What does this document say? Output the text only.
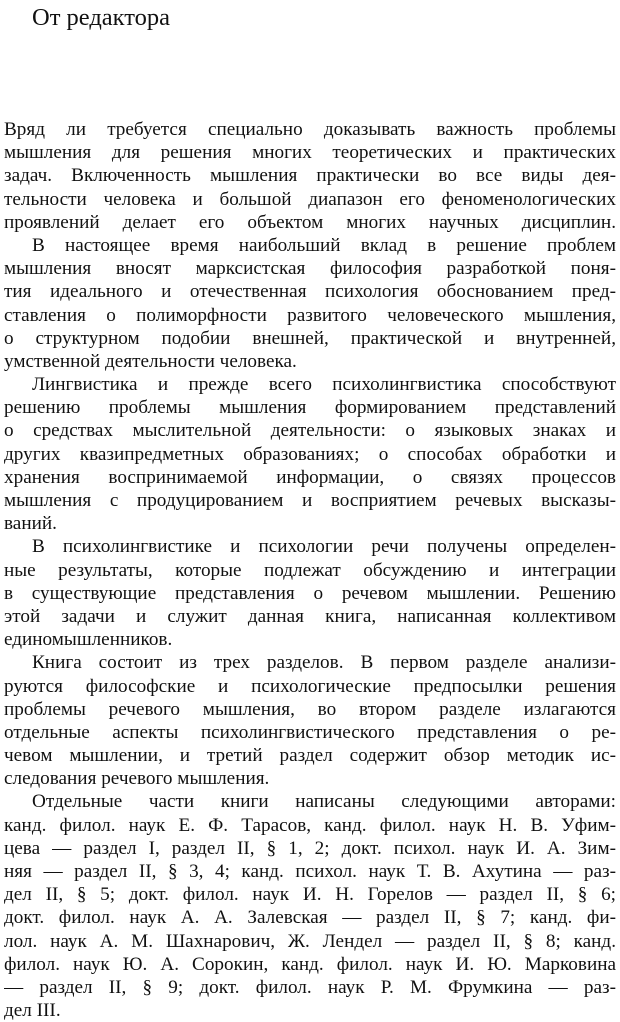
От редактора

Вряд ли требуется специально доказывать важность проблемы
мышления для решения многих теоретических и практических
задач. Включенность мышления практически во все виды дея-
тельности человека и большой диапазон его феноменологических
проявлений делает его объектом многих научных дисциплин.

В настоящее время наибольший вклад в решение проблем
мышления вносят марксистская философия разработкой поня-
тия идеального и отечественная психология обоснованием пред-
ставления о полиморфности развитого человеческого мышления,
о структурном подобии внешней, практической и внутренней,
умственной деятельности человека.

Лингвистика и прежде всего психолингвистика способствуют
решению проблемы мышления формированием представлений
о средствах мыслительной деятельности: о языковых знаках и
других квазипредметных образованиях; о способах обработки и
хранения воспринимаемой информации, о связях процессов
мышления с продуцированием и восприятием речевых высказы-
ваний.

В психолингвистике и психологии речи получены определен-
ные результаты, которые подлежат обсуждению и интеграции
в существующие представления о речевом мышлении. Решению
этой задачи и служит данная книга, написанная коллективом
единомышленников.

Книга состоит из трех разделов. В первом разделе анализи-
руются философские и психологические предпосылки решения
проблемы речевого мышления, во втором разделе излагаются
отдельные аспекты психолингвистического представления о ре-
чевом мышлении, и третий раздел содержит обзор методик ис-
следования речевого мышления.

Отдельные части книги написаны следующими авторами:
канд. филол. наук Е. Ф. Тарасов, канд. филол. наук Н. В. Уфим-
цева — раздел I, раздел II, § 1, 2; докт. психол. наук И. А. Зим-
няя — раздел II, § 3, 4; канд. психол. наук Т. В. Ахутина — раз-
дел II, § 5; докт. филол. наук И. Н. Горелов — раздел II, § 6;
докт. филол. наук А. А. Залевская — раздел II, § 7; канд. фи-
лол. наук А. М. Шахнарович, Ж. Лендел — раздел II, § 8; канд.
филол. наук Ю. А. Сорокин, канд. филол. наук И. Ю. Марковина
— раздел II, § 9; докт. филол. наук Р. М. Фрумкина — раз-
дел III.
